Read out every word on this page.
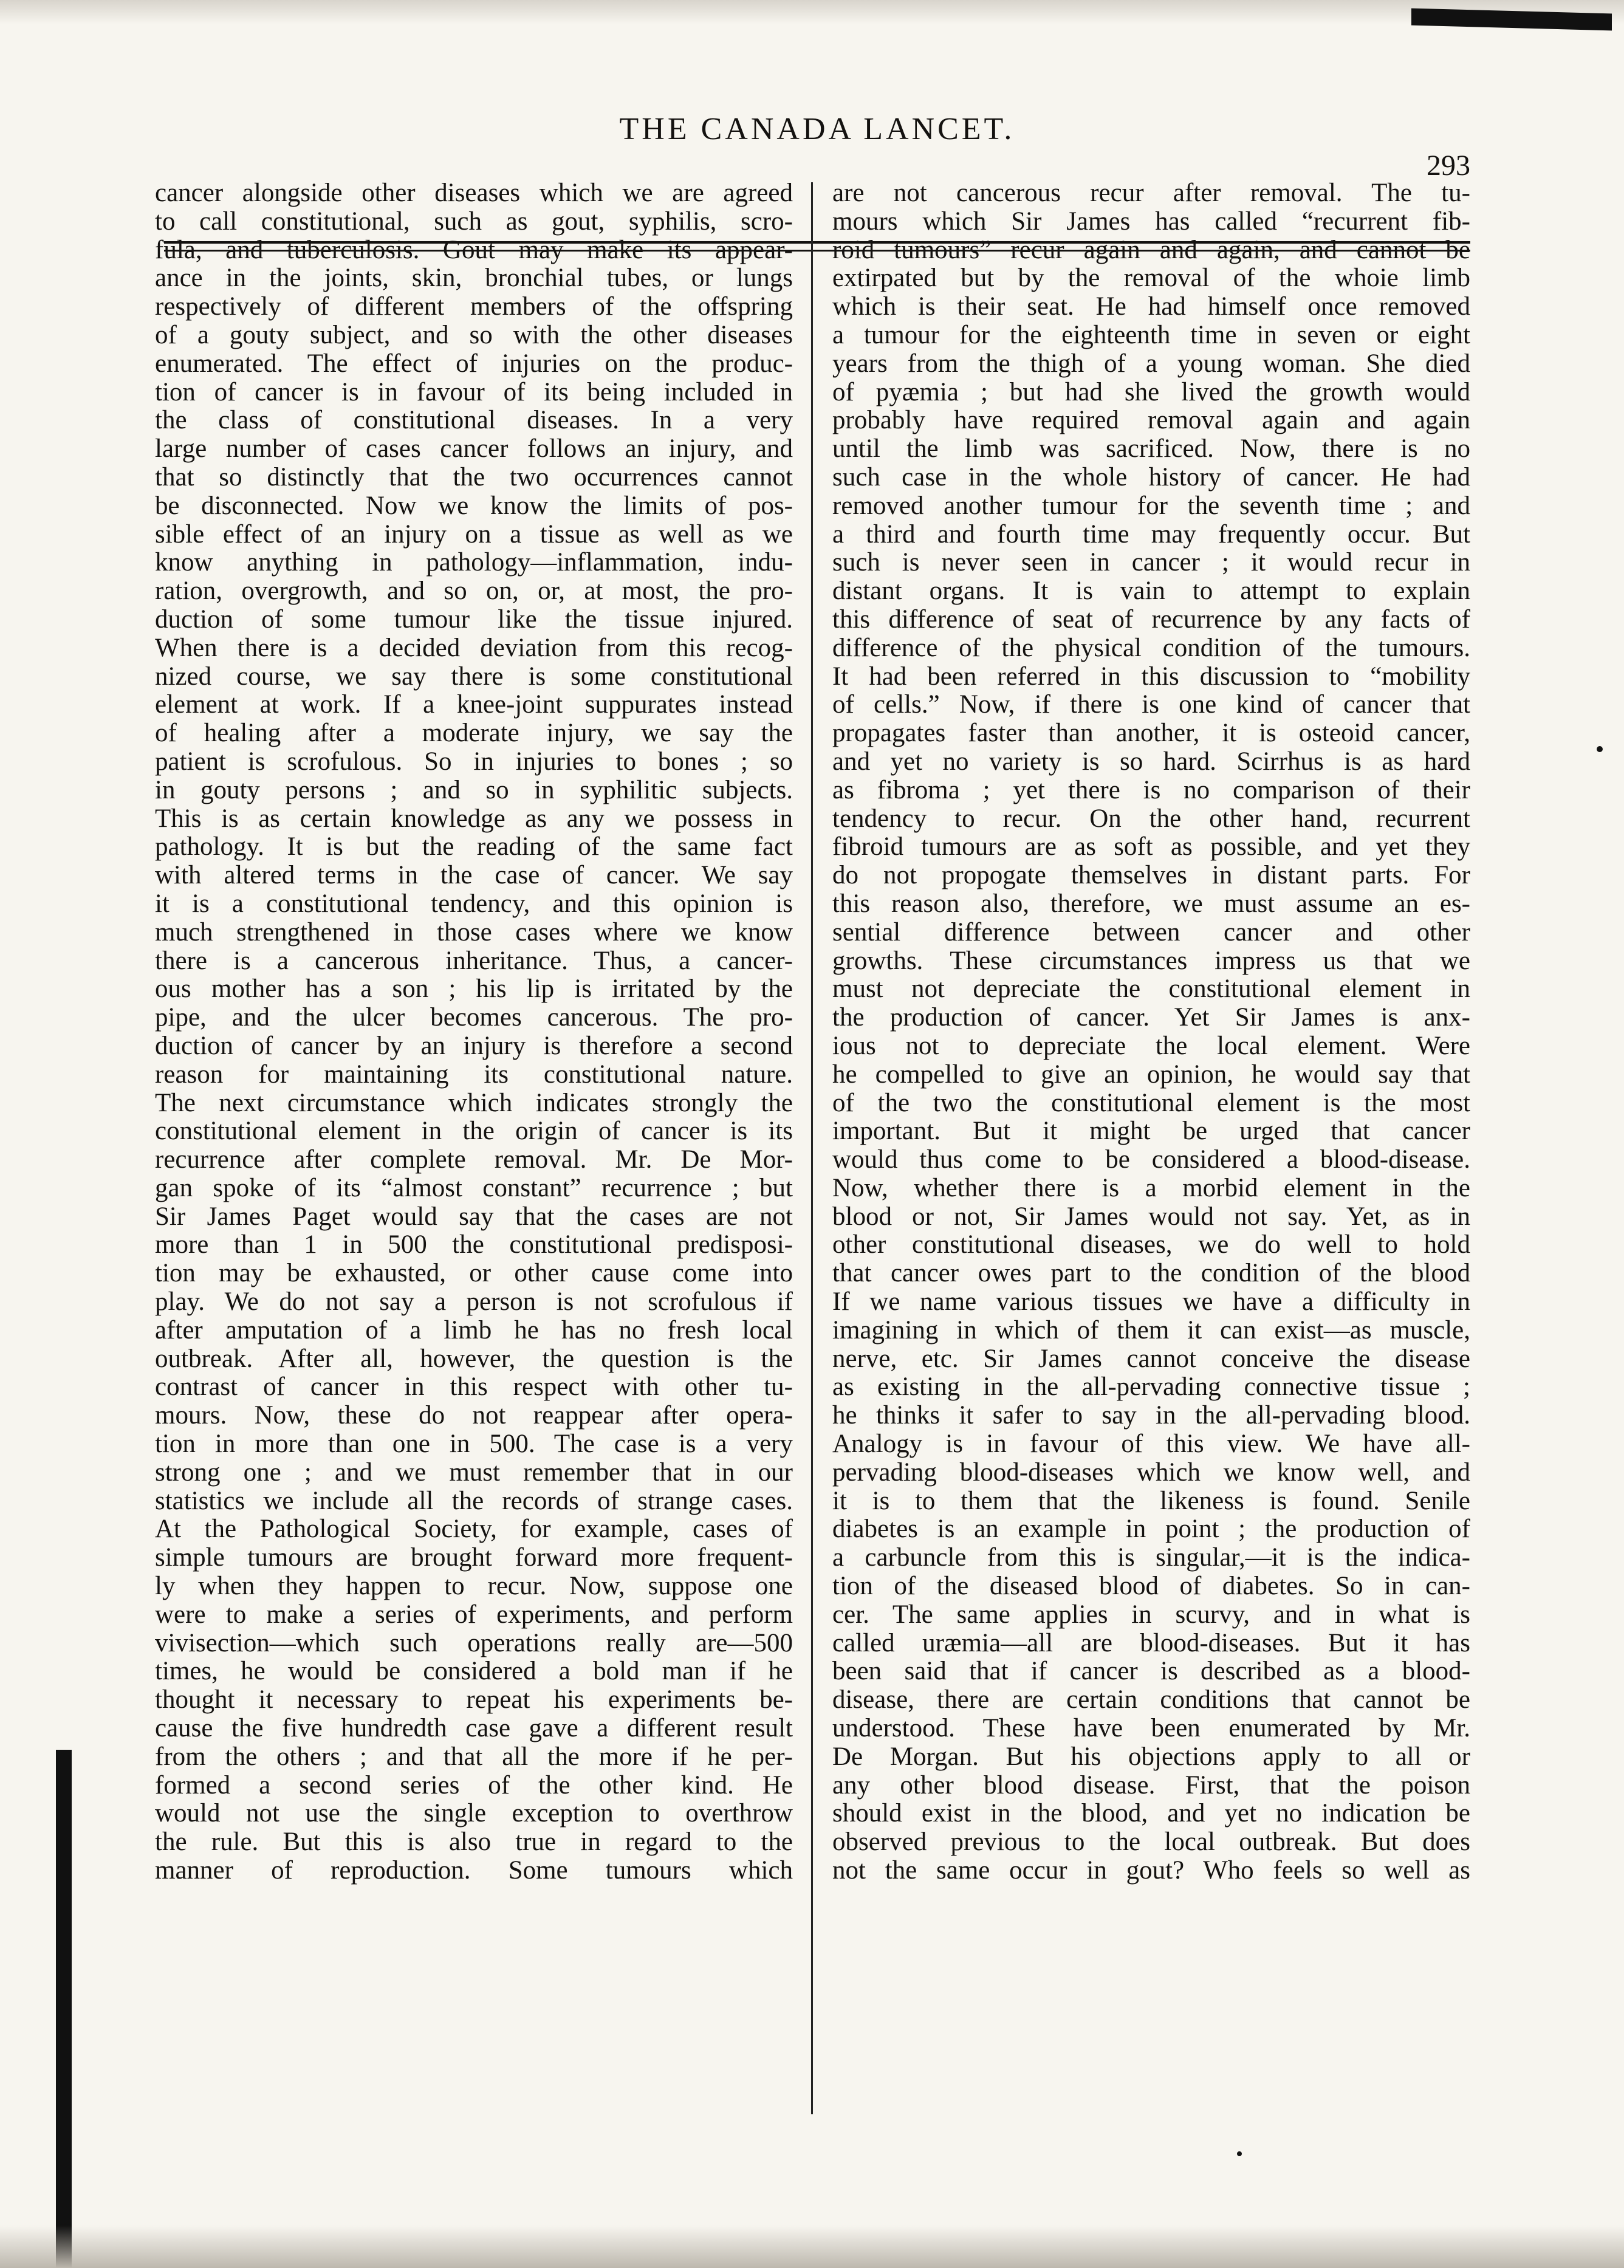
THE CANADA LANCET.
293
cancer alongside other diseases which we are agreed
to call constitutional, such as gout, syphilis, scro-
fula, and tuberculosis. Gout may make its appear-
ance in the joints, skin, bronchial tubes, or lungs
respectively of different members of the offspring
of a gouty subject, and so with the other diseases
enumerated. The effect of injuries on the produc-
tion of cancer is in favour of its being included in
the class of constitutional diseases. In a very
large number of cases cancer follows an injury, and
that so distinctly that the two occurrences cannot
be disconnected. Now we know the limits of pos-
sible effect of an injury on a tissue as well as we
know anything in pathology—inflammation, indu-
ration, overgrowth, and so on, or, at most, the pro-
duction of some tumour like the tissue injured.
When there is a decided deviation from this recog-
nized course, we say there is some constitutional
element at work. If a knee-joint suppurates instead
of healing after a moderate injury, we say the
patient is scrofulous. So in injuries to bones ; so
in gouty persons ; and so in syphilitic subjects.
This is as certain knowledge as any we possess in
pathology. It is but the reading of the same fact
with altered terms in the case of cancer. We say
it is a constitutional tendency, and this opinion is
much strengthened in those cases where we know
there is a cancerous inheritance. Thus, a cancer-
ous mother has a son ; his lip is irritated by the
pipe, and the ulcer becomes cancerous. The pro-
duction of cancer by an injury is therefore a second
reason for maintaining its constitutional nature.
The next circumstance which indicates strongly the
constitutional element in the origin of cancer is its
recurrence after complete removal. Mr. De Mor-
gan spoke of its “almost constant” recurrence ; but
Sir James Paget would say that the cases are not
more than 1 in 500 the constitutional predisposi-
tion may be exhausted, or other cause come into
play. We do not say a person is not scrofulous if
after amputation of a limb he has no fresh local
outbreak. After all, however, the question is the
contrast of cancer in this respect with other tu-
mours. Now, these do not reappear after opera-
tion in more than one in 500. The case is a very
strong one ; and we must remember that in our
statistics we include all the records of strange cases.
At the Pathological Society, for example, cases of
simple tumours are brought forward more frequent-
ly when they happen to recur. Now, suppose one
were to make a series of experiments, and perform
vivisection—which such operations really are—500
times, he would be considered a bold man if he
thought it necessary to repeat his experiments be-
cause the five hundredth case gave a different result
from the others ; and that all the more if he per-
formed a second series of the other kind. He
would not use the single exception to overthrow
the rule. But this is also true in regard to the
manner of reproduction. Some tumours which
are not cancerous recur after removal. The tu-
mours which Sir James has called “recurrent fib-
roid tumours” recur again and again, and cannot be
extirpated but by the removal of the whoie limb
which is their seat. He had himself once removed
a tumour for the eighteenth time in seven or eight
years from the thigh of a young woman. She died
of pyæmia ; but had she lived the growth would
probably have required removal again and again
until the limb was sacrificed. Now, there is no
such case in the whole history of cancer. He had
removed another tumour for the seventh time ; and
a third and fourth time may frequently occur. But
such is never seen in cancer ; it would recur in
distant organs. It is vain to attempt to explain
this difference of seat of recurrence by any facts of
difference of the physical condition of the tumours.
It had been referred in this discussion to “mobility
of cells.” Now, if there is one kind of cancer that
propagates faster than another, it is osteoid cancer,
and yet no variety is so hard. Scirrhus is as hard
as fibroma ; yet there is no comparison of their
tendency to recur. On the other hand, recurrent
fibroid tumours are as soft as possible, and yet they
do not propogate themselves in distant parts. For
this reason also, therefore, we must assume an es-
sential difference between cancer and other
growths. These circumstances impress us that we
must not depreciate the constitutional element in
the production of cancer. Yet Sir James is anx-
ious not to depreciate the local element. Were
he compelled to give an opinion, he would say that
of the two the constitutional element is the most
important. But it might be urged that cancer
would thus come to be considered a blood-disease.
Now, whether there is a morbid element in the
blood or not, Sir James would not say. Yet, as in
other constitutional diseases, we do well to hold
that cancer owes part to the condition of the blood
If we name various tissues we have a difficulty in
imagining in which of them it can exist—as muscle,
nerve, etc. Sir James cannot conceive the disease
as existing in the all-pervading connective tissue ;
he thinks it safer to say in the all-pervading blood.
Analogy is in favour of this view. We have all-
pervading blood-diseases which we know well, and
it is to them that the likeness is found. Senile
diabetes is an example in point ; the production of
a carbuncle from this is singular,—it is the indica-
tion of the diseased blood of diabetes. So in can-
cer. The same applies in scurvy, and in what is
called uræmia—all are blood-diseases. But it has
been said that if cancer is described as a blood-
disease, there are certain conditions that cannot be
understood. These have been enumerated by Mr.
De Morgan. But his objections apply to all or
any other blood disease. First, that the poison
should exist in the blood, and yet no indication be
observed previous to the local outbreak. But does
not the same occur in gout? Who feels so well as
